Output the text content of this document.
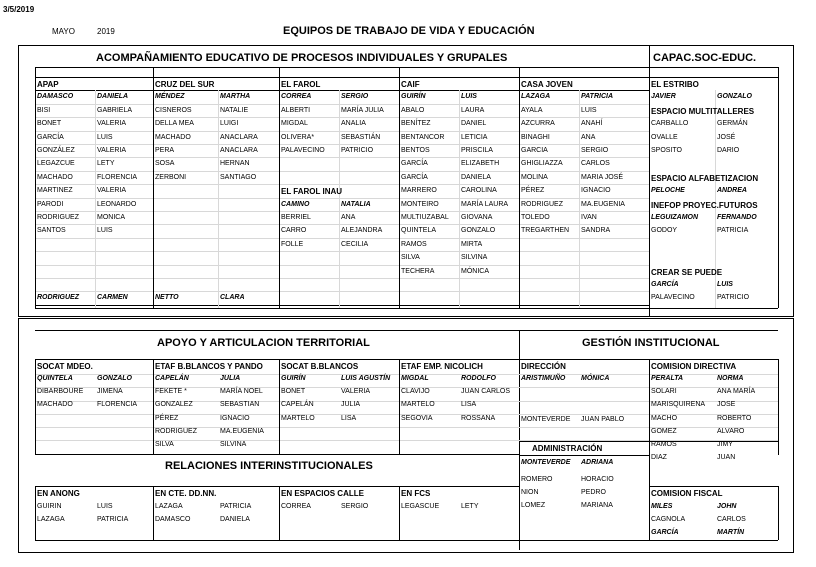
3/5/2019
MAYO	2019	EQUIPOS DE TRABAJO DE VIDA Y EDUCACIÓN
ACOMPAÑAMIENTO EDUCATIVO DE PROCESOS INDIVIDUALES Y GRUPALES	CAPAC.SOC-EDUC.
APOYO Y ARTICULACION TERRITORIAL	GESTIÓN INSTITUCIONAL
RELACIONES INTERINSTITUCIONALES
APAP
DAMASCO	DANIELA
BISI	GABRIELA
BONET	VALERIA
GARCÍA	LUIS
GONZÁLEZ	VALERIA
LEGAZCUE	LETY
MACHADO	FLORENCIA
MARTINEZ	VALERIA
PARODI	LEONARDO
RODRIGUEZ	MONICA
SANTOS	LUIS
RODRIGUEZ	CARMEN
CRUZ DEL SUR
MÉNDEZ	MARTHA
CISNEROS	NATALIE
DELLA MEA	LUIGI
MACHADO	ANACLARA
PERA	ANACLARA
SOSA	HERNAN
ZERBONI	SANTIAGO
NETTO	CLARA
EL FAROL
CORREA	SERGIO
ALBERTI	MARÍA JULIA
MIGDAL	ANALIA
OLIVERA*	SEBASTIÁN
PALAVECINO PATRICIO
EL FAROL INAU
CAMINO	NATALIA
BERRIEL	ANA
CARRO	ALEJANDRA
FOLLE	CECILIA
CAIF
GUIRÍN	LUIS
ABALO	LAURA
BENÍTEZ	DANIEL
BENTANCOR LETICIA
BENTOS	PRISCILA
GARCÍA	ELIZABETH
GARCÍA	DANIELA
MARRERO	CAROLINA
MONTEIRO	MARÍA LAURA
MULTIUZABAL GIOVANA
QUINTELA	GONZALO
RAMOS	MIRTA
SILVA	SILVINA
TECHERA	MÓNICA
CASA JOVEN
LAZAGA	PATRICIA
AYALA	LUIS
AZCURRA	ANAHÍ
BINAGHI	ANA
GARCIA	SERGIO
GHIGLIAZZA	CARLOS
MOLINA	MARIA JOSÉ
PÉREZ	IGNACIO
RODRIGUEZ	MA.EUGENIA
TOLEDO	IVAN
TREGARTHEN SANDRA
EL ESTRIBO
JAVIER	GONZALO
ESPACIO MULTITALLERES
CARBALLO	GERMÁN
OVALLE	JOSÉ
SPOSITO	DARIO
ESPACIO ALFABETIZACION
PELOCHE	ANDREA
INEFOP PROYEC.FUTUROS
LEGUIZAMON	FERNANDO
GODOY	PATRICIA
CREAR SE PUEDE
GARCÍA	LUIS
PALAVECINO	PATRICIO
SOCAT MDEO.
QUINTELA	GONZALO
DIBARBOURE JIMENA
MACHADO	FLORENCIA
ETAF B.BLANCOS Y PANDO
CAPELÁN	JULIA
FEKETE *	MARÍA NOEL
GONZALEZ	SEBASTIAN
PÉREZ	IGNACIO
RODRIGUEZ	MA.EUGENIA
SILVA	SILVINA
SOCAT B.BLANCOS
GUIRÍN	LUIS AGUSTÍN
BONET	VALERIA
CAPELÁN	JULIA
MARTELO	LISA
ETAF EMP. NICOLICH
MIGDAL	RODOLFO
CLAVIJO	JUAN CARLOS
MARTELO	LISA
SEGOVIA	ROSSANA
DIRECCIÓN
ARISTIMUÑO MÓNICA
MONTEVERDE JUAN PABLO
ADMINISTRACIÓN
MONTEVERDE ADRIANA
ROMERO	HORACIO
NION	PEDRO
LOMEZ	MARIANA
COMISION DIRECTIVA
PERALTA	NORMA
SOLARI	ANA MARÍA
MARISQUIRENA JOSE
MACHO	ROBERTO
GOMEZ	ALVARO
RAMOS	JIMY
DIAZ	JUAN
COMISION FISCAL
MILES	JOHN
CAGNOLA	CARLOS
GARCÍA	MARTÍN
EN ANONG
GUIRIN	LUIS
LAZAGA	PATRICIA
EN CTE. DD.NN.
LAZAGA	PATRICIA
DAMASCO	DANIELA
EN ESPACIOS CALLE
CORREA	SERGIO
EN FCS
LEGASCUE	LETY
